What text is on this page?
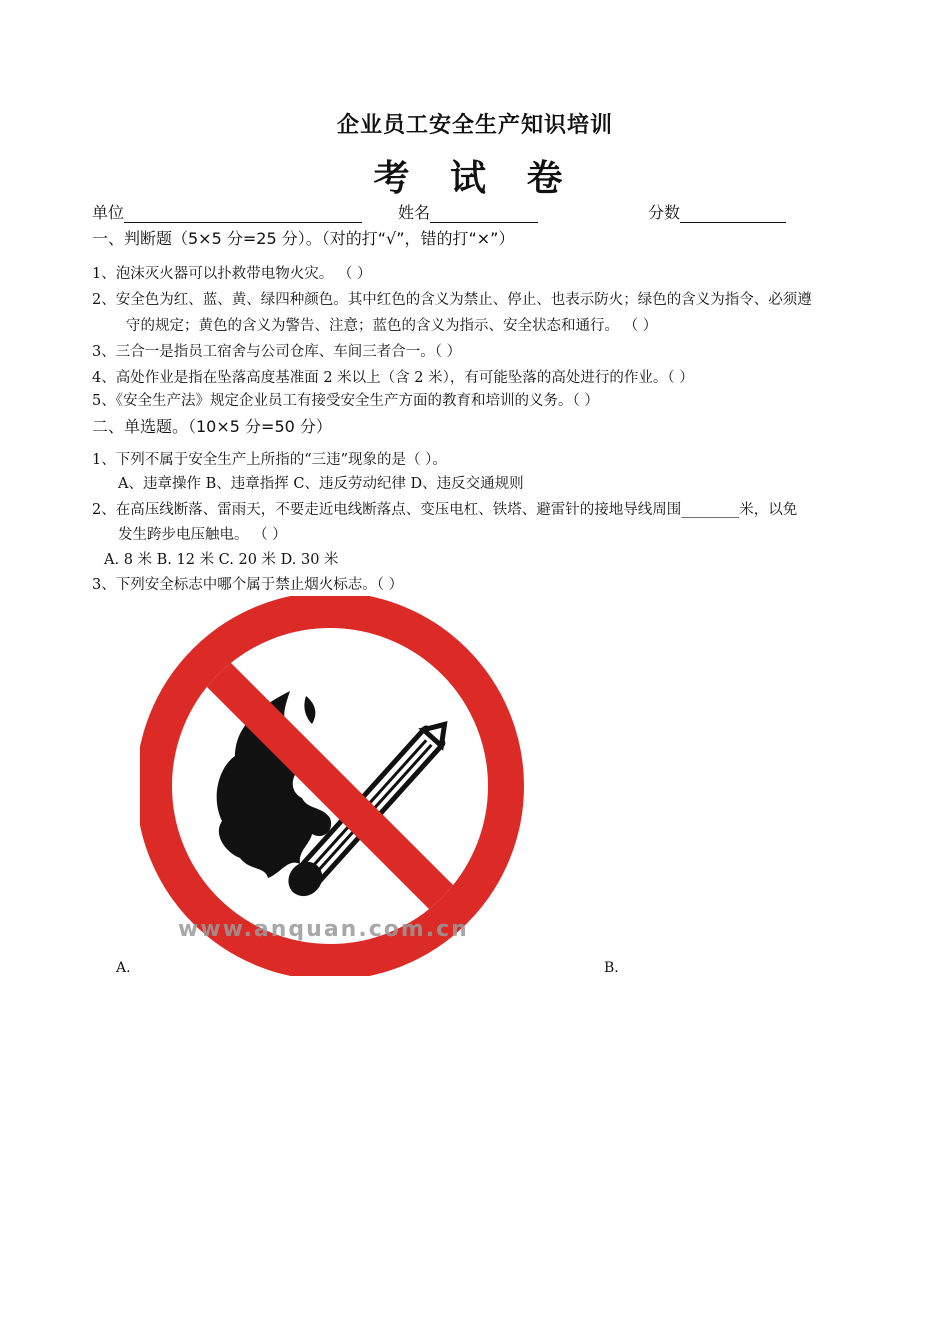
企业员工安全生产知识培训
考 试 卷
单位	姓名	分数
一、判断题（5×5 分=25 分）。（对的打“√”，错的打“×”）
1、泡沫灭火器可以扑救带电物火灾。 （ ）
2、安全色为红、蓝、黄、绿四种颜色。其中红色的含义为禁止、停止、也表示防火；绿色的含义为指令、必须遵
守的规定；黄色的含义为警告、注意；蓝色的含义为指示、安全状态和通行。 （ ）
3、三合一是指员工宿舍与公司仓库、车间三者合一。（ ）
4、高处作业是指在坠落高度基准面 2 米以上（含 2 米），有可能坠落的高处进行的作业。（ ）
5、《安全生产法》规定企业员工有接受安全生产方面的教育和培训的义务。（ ）
二、单选题。（10×5 分=50 分）
1、下列不属于安全生产上所指的“三违”现象的是（ ）。
A、违章操作 B、违章指挥 C、违反劳动纪律 D、违反交通规则
2、在高压线断落、雷雨天，不要走近电线断落点、变压电杠、铁塔、避雷针的接地导线周围________米，以免
发生跨步电压触电。 （ ）
A. 8 米 B. 12 米 C. 20 米 D. 30 米
3、下列安全标志中哪个属于禁止烟火标志。（ ）
www.anquan.com.cn
A.	B.
